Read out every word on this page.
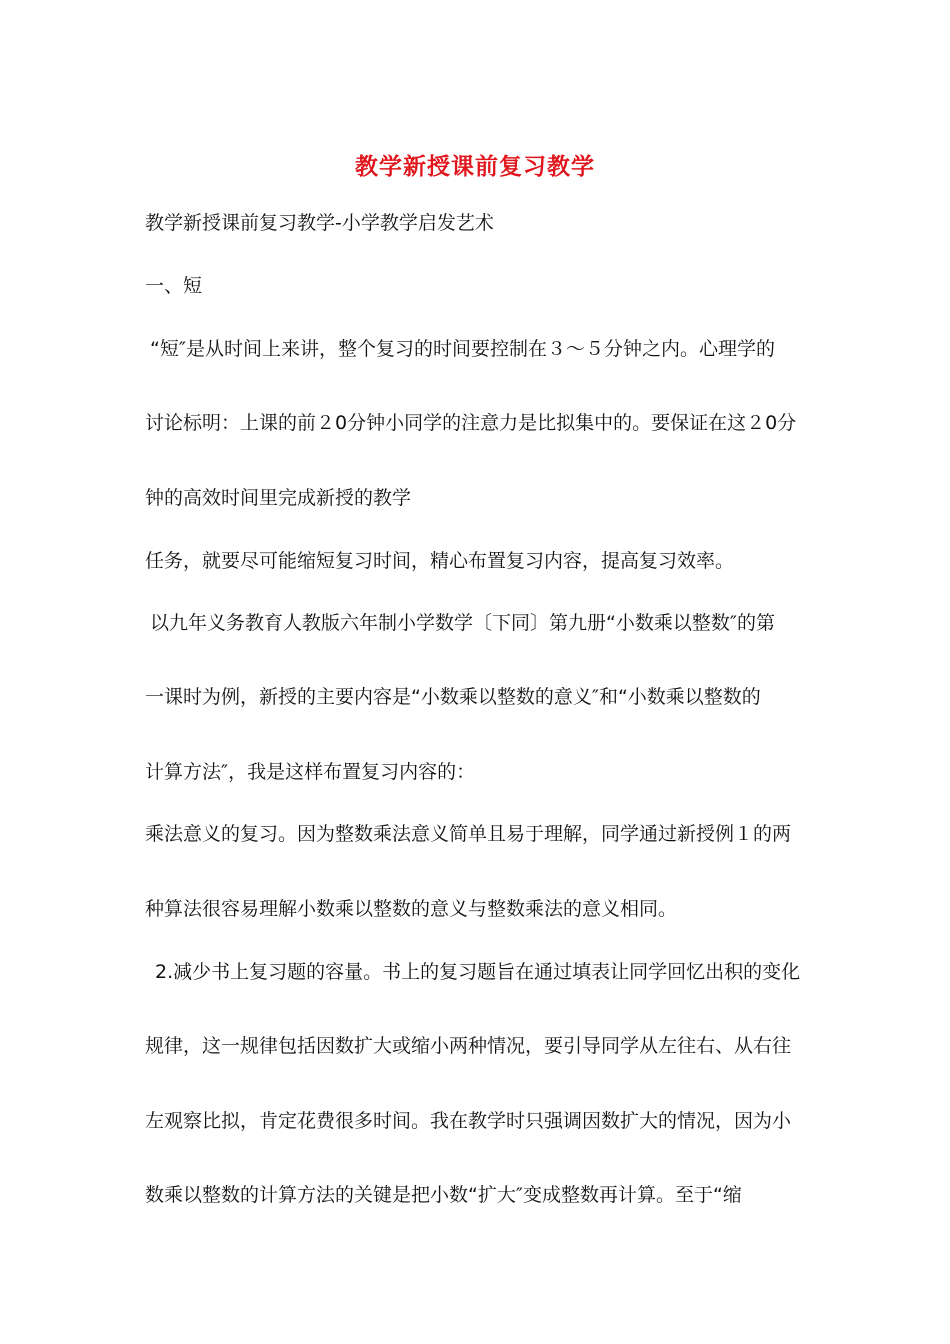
教学新授课前复习教学
教学新授课前复习教学-小学教学启发艺术
一、短
“短″是从时间上来讲，整个复习的时间要控制在３～５分钟之内。心理学的
讨论标明：上课的前２0分钟小同学的注意力是比拟集中的。要保证在这２0分
钟的高效时间里完成新授的教学
任务，就要尽可能缩短复习时间，精心布置复习内容，提高复习效率。
以九年义务教育人教版六年制小学数学〔下同〕第九册“小数乘以整数″的第
一课时为例，新授的主要内容是“小数乘以整数的意义″和“小数乘以整数的
计算方法″，我是这样布置复习内容的：
乘法意义的复习。因为整数乘法意义简单且易于理解，同学通过新授例１的两
种算法很容易理解小数乘以整数的意义与整数乘法的意义相同。
2.减少书上复习题的容量。书上的复习题旨在通过填表让同学回忆出积的变化
规律，这一规律包括因数扩大或缩小两种情况，要引导同学从左往右、从右往
左观察比拟，肯定花费很多时间。我在教学时只强调因数扩大的情况，因为小
数乘以整数的计算方法的关键是把小数“扩大″变成整数再计算。至于“缩
